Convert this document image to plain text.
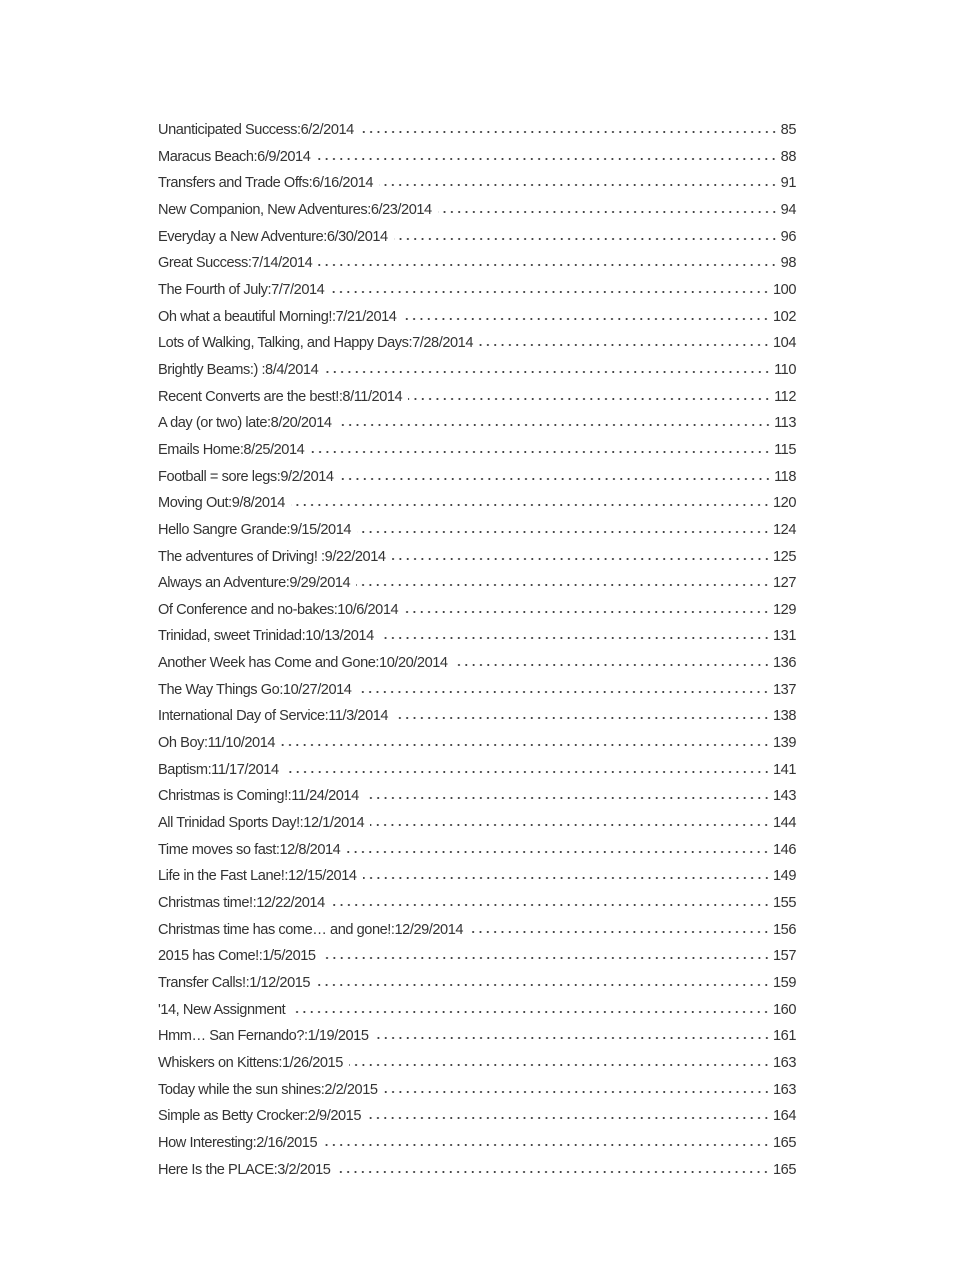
Unanticipated Success:6/2/2014	85
Maracus Beach:6/9/2014	88
Transfers and Trade Offs:6/16/2014	91
New Companion, New Adventures:6/23/2014	94
Everyday a New Adventure:6/30/2014	96
Great Success:7/14/2014	98
The Fourth of July:7/7/2014	100
Oh what a beautiful Morning!:7/21/2014	102
Lots of Walking, Talking, and Happy Days:7/28/2014	104
Brightly Beams:) :8/4/2014	110
Recent Converts are the best!:8/11/2014	112
A day (or two) late:8/20/2014	113
Emails Home:8/25/2014	115
Football = sore legs:9/2/2014	118
Moving Out:9/8/2014	120
Hello Sangre Grande:9/15/2014	124
The adventures of Driving! :9/22/2014	125
Always an Adventure:9/29/2014	127
Of Conference and no-bakes:10/6/2014	129
Trinidad, sweet Trinidad:10/13/2014	131
Another Week has Come and Gone:10/20/2014	136
The Way Things Go:10/27/2014	137
International Day of Service:11/3/2014	138
Oh Boy:11/10/2014	139
Baptism:11/17/2014	141
Christmas is Coming!:11/24/2014	143
All Trinidad Sports Day!:12/1/2014	144
Time moves so fast:12/8/2014	146
Life in the Fast Lane!:12/15/2014	149
Christmas time!:12/22/2014	155
Christmas time has come… and gone!:12/29/2014	156
2015 has Come!:1/5/2015	157
Transfer Calls!:1/12/2015	159
'14, New Assignment	160
Hmm… San Fernando?:1/19/2015	161
Whiskers on Kittens:1/26/2015	163
Today while the sun shines:2/2/2015	163
Simple as Betty Crocker:2/9/2015	164
How Interesting:2/16/2015	165
Here Is the PLACE:3/2/2015	165
